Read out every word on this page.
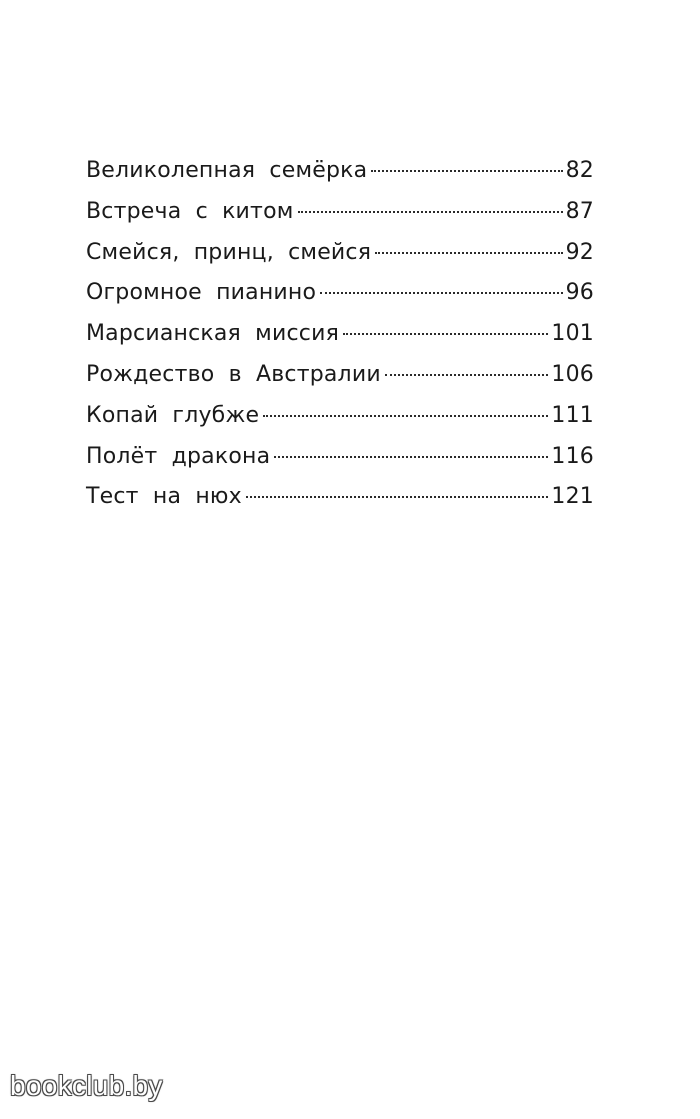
Великолепная семёрка	82
Встреча с китом	87
Смейся, принц, смейся	92
Огромное пианино	96
Марсианская миссия	101
Рождество в Австралии	106
Копай глубже	111
Полёт дракона	116
Тест на нюх	121
bookclub.by
